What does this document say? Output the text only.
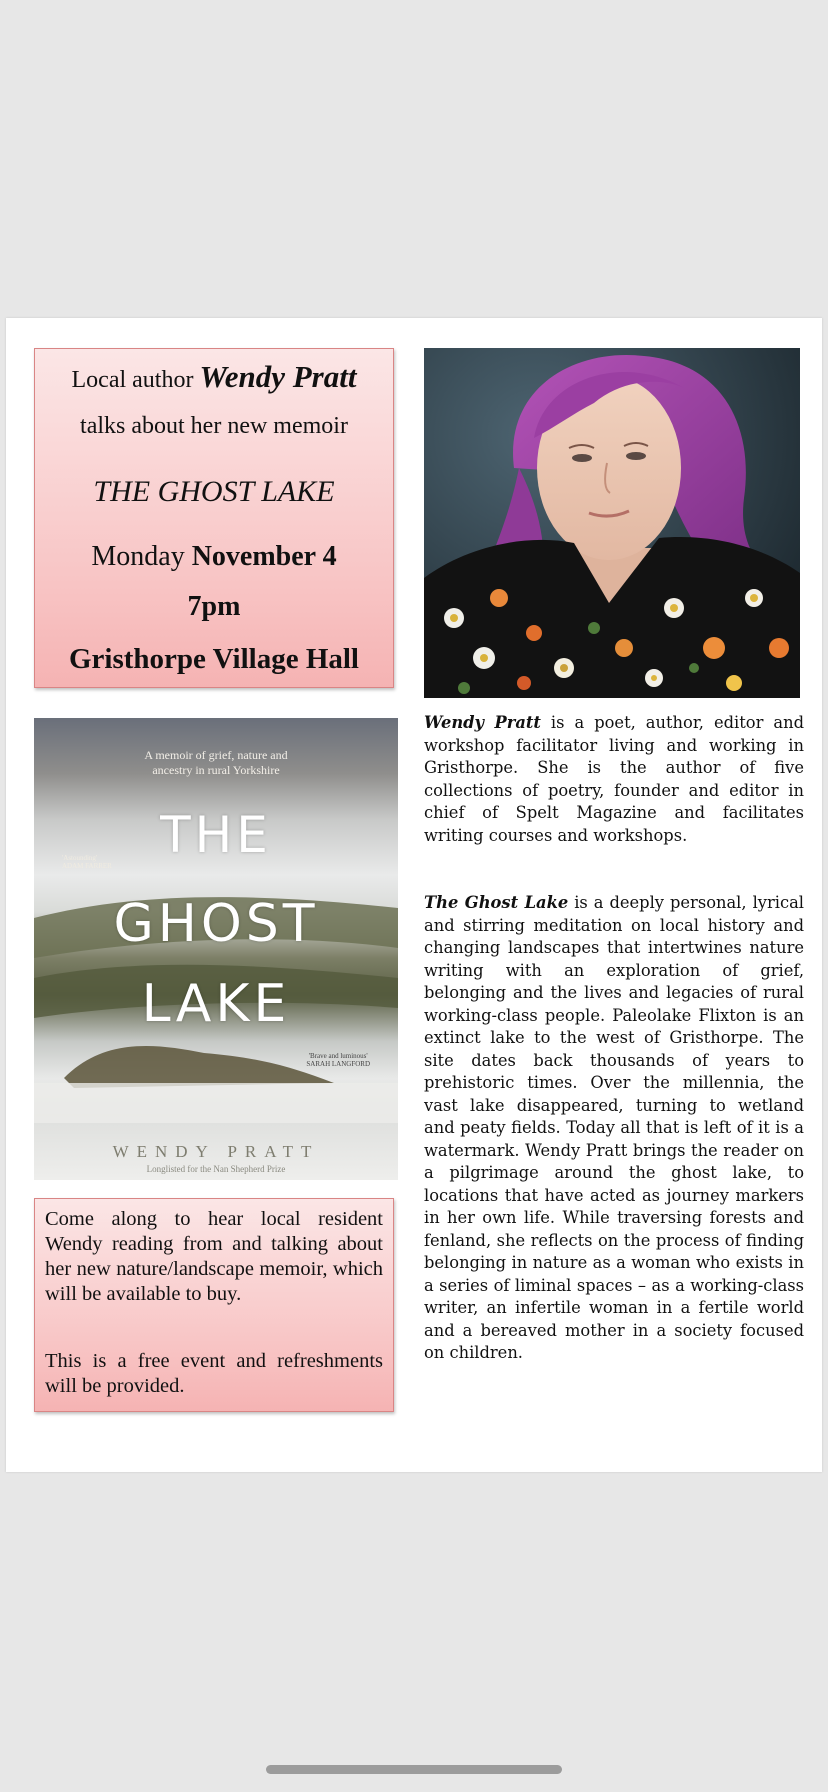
Local author Wendy Pratt
talks about her new memoir
THE GHOST LAKE
Monday November 4
7pm
Gristhorpe Village Hall
A memoir of grief, nature and
ancestry in rural Yorkshire
'Astounding'
ADAM FARRER
THE
GHOST
LAKE
'Brave and luminous'
SARAH LANGFORD
WENDY PRATT
Longlisted for the Nan Shepherd Prize

Come along to hear local resident Wendy reading from and talking about her new nature/landscape memoir, which will be available to buy.

This is a free event and refreshments will be provided.

Wendy Pratt is a poet, author, editor and workshop facilitator living and working in Gristhorpe. She is the author of five collections of poetry, founder and editor in chief of Spelt Magazine and facilitates writing courses and workshops.

The Ghost Lake is a deeply personal, lyrical and stirring meditation on local history and changing landscapes that intertwines nature writing with an exploration of grief, belonging and the lives and legacies of rural working-class people. Paleolake Flixton is an extinct lake to the west of Gristhorpe. The site dates back thousands of years to prehistoric times. Over the millennia, the vast lake disappeared, turning to wetland and peaty fields. Today all that is left of it is a watermark. Wendy Pratt brings the reader on a pilgrimage around the ghost lake, to locations that have acted as journey markers in her own life. While traversing forests and fenland, she reflects on the process of finding belonging in nature as a woman who exists in a series of liminal spaces – as a working-class writer, an infertile woman in a fertile world and a bereaved mother in a society focused on children.
